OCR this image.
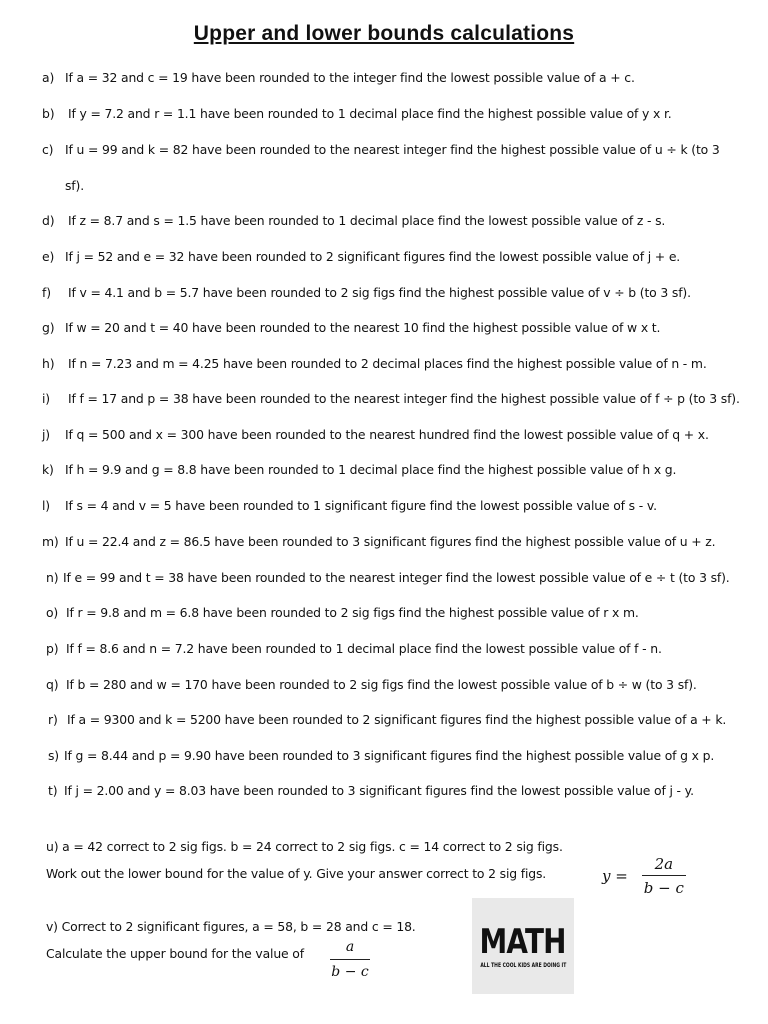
Upper and lower bounds calculations
a) If a = 32 and c = 19 have been rounded to the integer find the lowest possible value of a + c.
b) If y = 7.2 and r = 1.1 have been rounded to 1 decimal place find the highest possible value of y x r.
c) If u = 99 and k = 82 have been rounded to the nearest integer find the highest possible value of u ÷ k (to 3
sf).
d) If z = 8.7 and s = 1.5 have been rounded to 1 decimal place find the lowest possible value of z - s.
e) If j = 52 and e = 32 have been rounded to 2 significant figures find the lowest possible value of j + e.
f) If v = 4.1 and b = 5.7 have been rounded to 2 sig figs find the highest possible value of v ÷ b (to 3 sf).
g) If w = 20 and t = 40 have been rounded to the nearest 10 find the highest possible value of w x t.
h) If n = 7.23 and m = 4.25 have been rounded to 2 decimal places find the highest possible value of n - m.
i) If f = 17 and p = 38 have been rounded to the nearest integer find the highest possible value of f ÷ p (to 3 sf).
j) If q = 500 and x = 300 have been rounded to the nearest hundred find the lowest possible value of q + x.
k) If h = 9.9 and g = 8.8 have been rounded to 1 decimal place find the highest possible value of h x g.
l) If s = 4 and v = 5 have been rounded to 1 significant figure find the lowest possible value of s - v.
m) If u = 22.4 and z = 86.5 have been rounded to 3 significant figures find the highest possible value of u + z.
n) If e = 99 and t = 38 have been rounded to the nearest integer find the lowest possible value of e ÷ t (to 3 sf).
o) If r = 9.8 and m = 6.8 have been rounded to 2 sig figs find the highest possible value of r x m.
p) If f = 8.6 and n = 7.2 have been rounded to 1 decimal place find the lowest possible value of f - n.
q) If b = 280 and w = 170 have been rounded to 2 sig figs find the lowest possible value of b ÷ w (to 3 sf).
r) If a = 9300 and k = 5200 have been rounded to 2 significant figures find the highest possible value of a + k.
s) If g = 8.44 and p = 9.90 have been rounded to 3 significant figures find the highest possible value of g x p.
t) If j = 2.00 and y = 8.03 have been rounded to 3 significant figures find the lowest possible value of j - y.
u) a = 42 correct to 2 sig figs. b = 24 correct to 2 sig figs. c = 14 correct to 2 sig figs.
Work out the lower bound for the value of y. Give your answer correct to 2 sig figs.	$y = \frac{2a}{b - c}$
v) Correct to 2 significant figures, a = 58, b = 28 and c = 18.
Calculate the upper bound for the value of	a
b − c
MATH
ALL THE COOL KIDS ARE DOING IT
